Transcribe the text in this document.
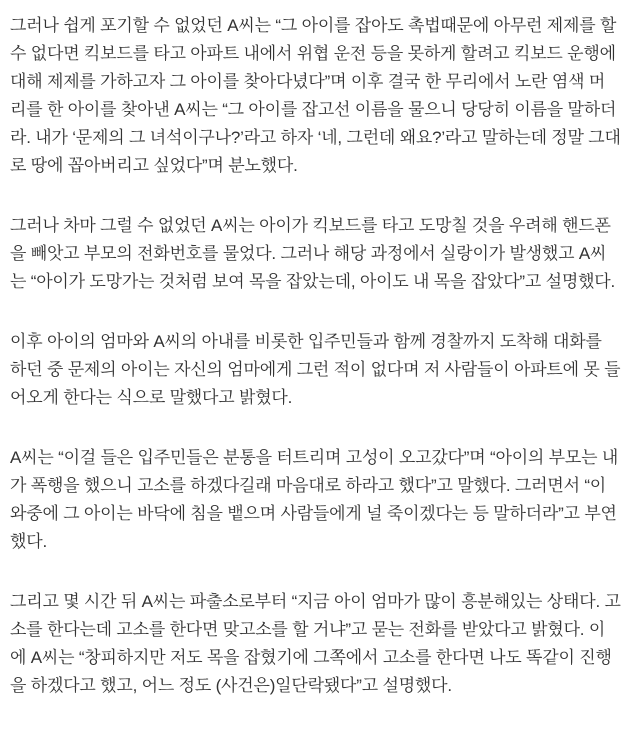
그러나 쉽게 포기할 수 없었던 A씨는 “그 아이를 잡아도 촉법때문에 아무런 제제를 할 수 없다면 킥보드를 타고 아파트 내에서 위협 운전 등을 못하게 할려고 킥보드 운행에 대해 제제를 가하고자 그 아이를 찾아다녔다”며 이후 결국 한 무리에서 노란 염색 머리를 한 아이를 찾아낸 A씨는 “그 아이를 잡고선 이름을 물으니 당당히 이름을 말하더라. 내가 ‘문제의 그 녀석이구나?’라고 하자 ‘네, 그런데 왜요?’라고 말하는데 정말 그대로 땅에 꼽아버리고 싶었다”며 분노했다.

그러나 차마 그럴 수 없었던 A씨는 아이가 킥보드를 타고 도망칠 것을 우려해 핸드폰을 빼앗고 부모의 전화번호를 물었다. 그러나 해당 과정에서 실랑이가 발생했고 A씨는 “아이가 도망가는 것처럼 보여 목을 잡았는데, 아이도 내 목을 잡았다”고 설명했다.

이후 아이의 엄마와 A씨의 아내를 비롯한 입주민들과 함께 경찰까지 도착해 대화를 하던 중 문제의 아이는 자신의 엄마에게 그런 적이 없다며 저 사람들이 아파트에 못 들어오게 한다는 식으로 말했다고 밝혔다.

A씨는 “이걸 들은 입주민들은 분통을 터트리며 고성이 오고갔다”며 “아이의 부모는 내가 폭행을 했으니 고소를 하겠다길래 마음대로 하라고 했다”고 말했다. 그러면서 “이 와중에 그 아이는 바닥에 침을 뱉으며 사람들에게 널 죽이겠다는 등 말하더라”고 부연했다.

그리고 몇 시간 뒤 A씨는 파출소로부터 “지금 아이 엄마가 많이 흥분해있는 상태다. 고소를 한다는데 고소를 한다면 맞고소를 할 거냐”고 묻는 전화를 받았다고 밝혔다. 이에 A씨는 “창피하지만 저도 목을 잡혔기에 그쪽에서 고소를 한다면 나도 똑같이 진행을 하겠다고 했고, 어느 정도 (사건은)일단락됐다”고 설명했다.
